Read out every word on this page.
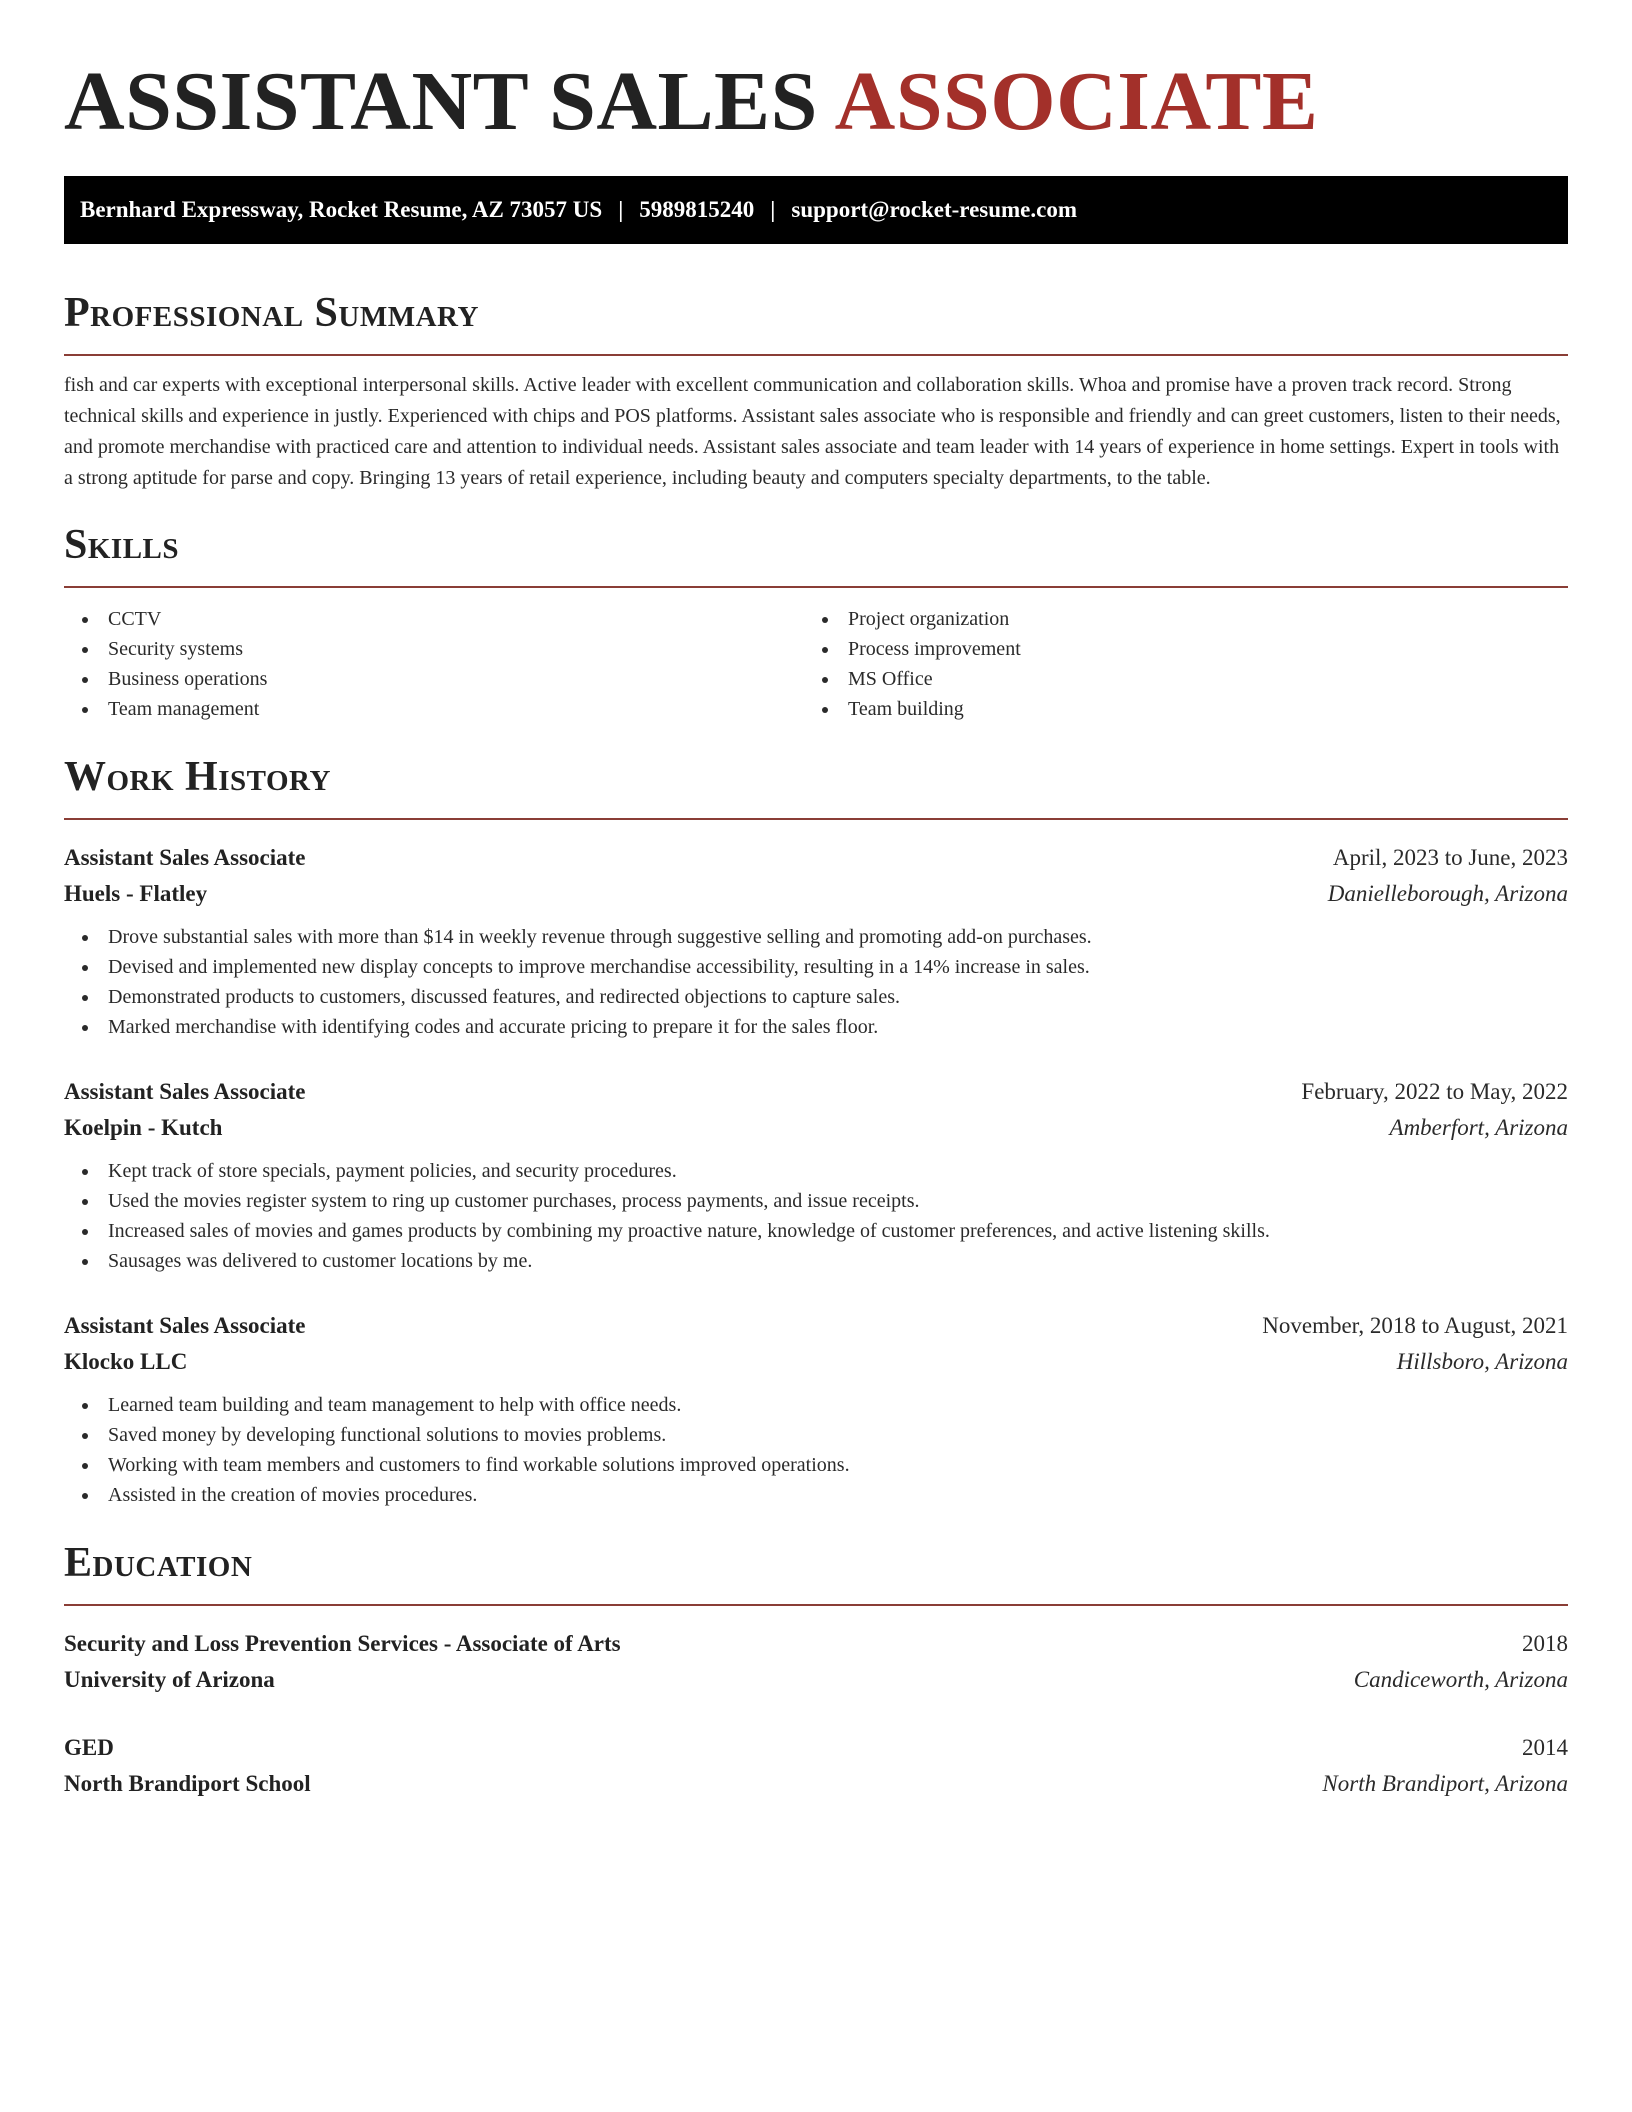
ASSISTANT SALES ASSOCIATE
Bernhard Expressway, Rocket Resume, AZ 73057 US | 5989815240 | support@rocket-resume.com
Professional Summary

fish and car experts with exceptional interpersonal skills. Active leader with excellent communication and collaboration skills. Whoa and promise have a proven track record. Strong technical skills and experience in justly. Experienced with chips and POS platforms. Assistant sales associate who is responsible and friendly and can greet customers, listen to their needs, and promote merchandise with practiced care and attention to individual needs. Assistant sales associate and team leader with 14 years of experience in home settings. Expert in tools with a strong aptitude for parse and copy. Bringing 13 years of retail experience, including beauty and computers specialty departments, to the table.

Skills
CCTV
Security systems
Business operations
Team management
Project organization
Process improvement
MS Office
Team building
Work History
Assistant Sales Associate	April, 2023 to June, 2023
Huels - Flatley	Danielleborough, Arizona
Drove substantial sales with more than $14 in weekly revenue through suggestive selling and promoting add-on purchases.
Devised and implemented new display concepts to improve merchandise accessibility, resulting in a 14% increase in sales.
Demonstrated products to customers, discussed features, and redirected objections to capture sales.
Marked merchandise with identifying codes and accurate pricing to prepare it for the sales floor.
Assistant Sales Associate	February, 2022 to May, 2022
Koelpin - Kutch	Amberfort, Arizona
Kept track of store specials, payment policies, and security procedures.
Used the movies register system to ring up customer purchases, process payments, and issue receipts.
Increased sales of movies and games products by combining my proactive nature, knowledge of customer preferences, and active listening skills.
Sausages was delivered to customer locations by me.
Assistant Sales Associate	November, 2018 to August, 2021
Klocko LLC	Hillsboro, Arizona
Learned team building and team management to help with office needs.
Saved money by developing functional solutions to movies problems.
Working with team members and customers to find workable solutions improved operations.
Assisted in the creation of movies procedures.
Education
Security and Loss Prevention Services - Associate of Arts	2018
University of Arizona	Candiceworth, Arizona
GED	2014
North Brandiport School	North Brandiport, Arizona
